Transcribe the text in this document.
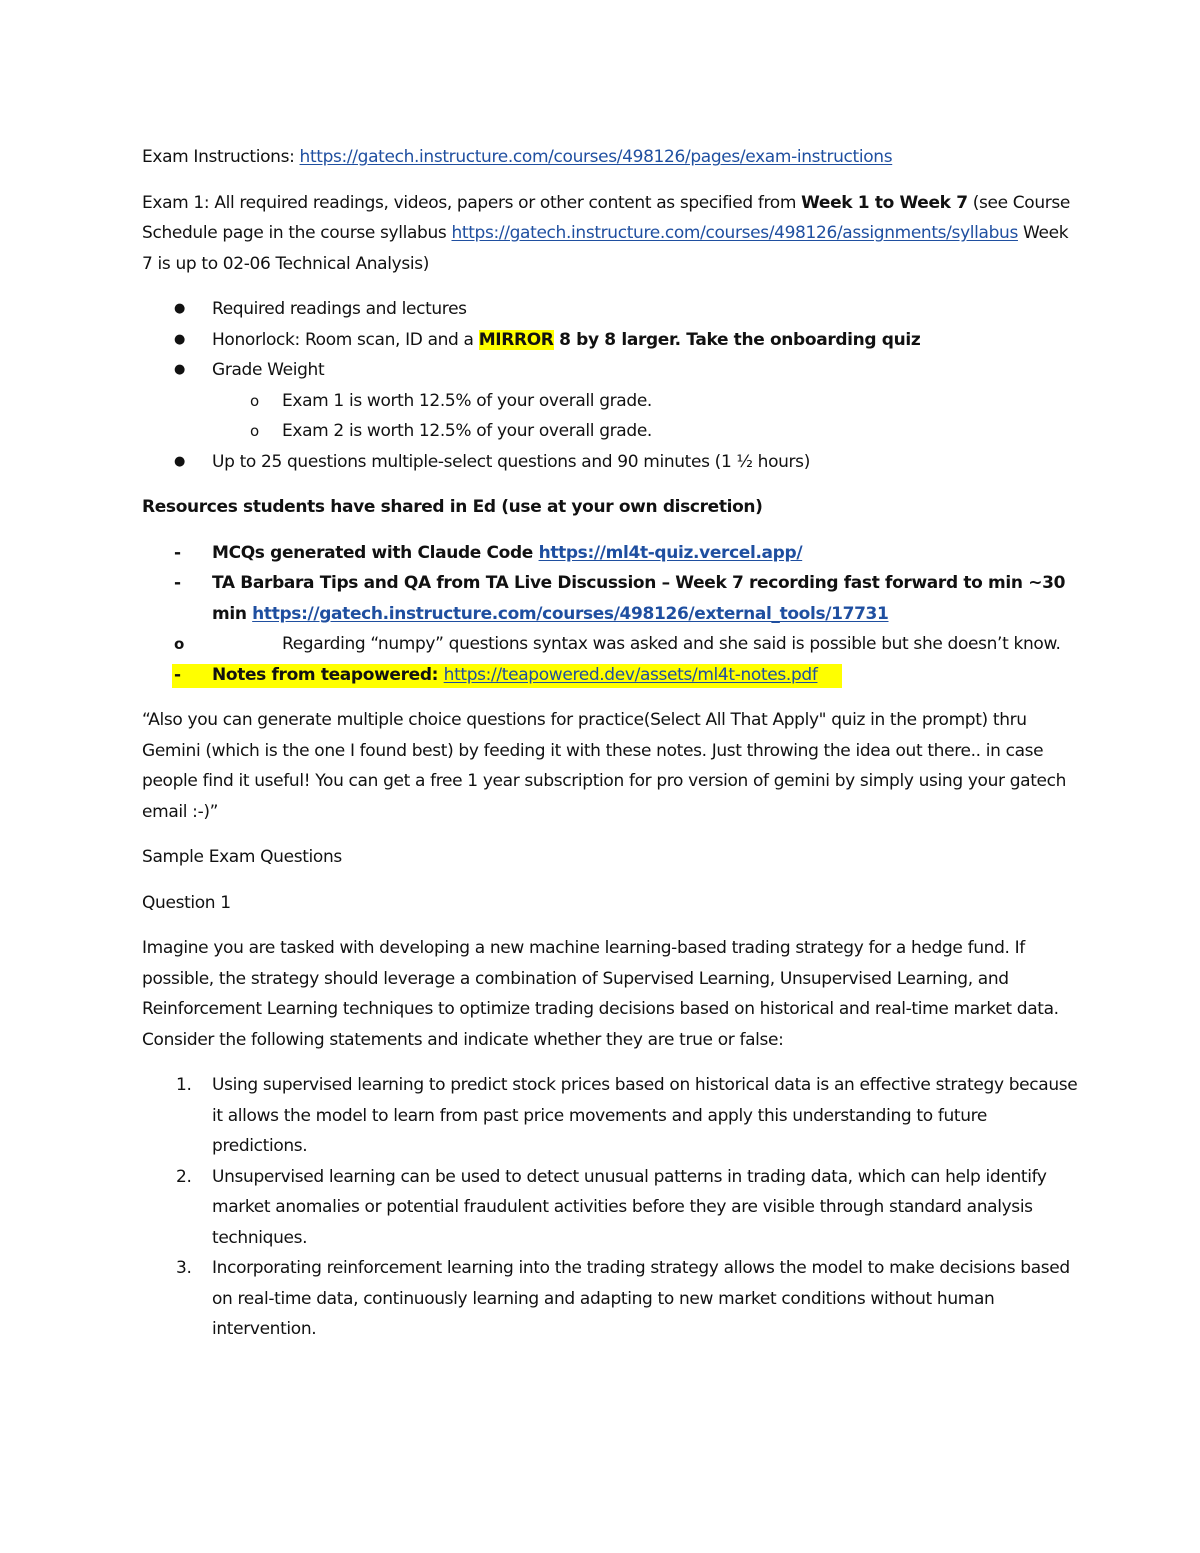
Exam Instructions: https://gatech.instructure.com/courses/498126/pages/exam-instructions

Exam 1: All required readings, videos, papers or other content as specified from Week 1 to Week 7 (see Course Schedule page in the course syllabus https://gatech.instructure.com/courses/498126/assignments/syllabus Week 7 is up to 02-06 Technical Analysis)

● Required readings and lectures
● Honorlock: Room scan, ID and a MIRROR 8 by 8 larger. Take the onboarding quiz
● Grade Weight
o Exam 1 is worth 12.5% of your overall grade.
o Exam 2 is worth 12.5% of your overall grade.
● Up to 25 questions multiple-select questions and 90 minutes (1 ½ hours)

Resources students have shared in Ed (use at your own discretion)

- MCQs generated with Claude Code https://ml4t-quiz.vercel.app/
- TA Barbara Tips and QA from TA Live Discussion – Week 7 recording fast forward to min ~30 min https://gatech.instructure.com/courses/498126/external_tools/17731
o	Regarding “numpy” questions syntax was asked and she said is possible but she doesn’t know.
- Notes from teapowered: https://teapowered.dev/assets/ml4t-notes.pdf

“Also you can generate multiple choice questions for practice(Select All That Apply" quiz in the prompt) thru Gemini (which is the one I found best) by feeding it with these notes. Just throwing the idea out there.. in case people find it useful! You can get a free 1 year subscription for pro version of gemini by simply using your gatech email :-)”

Sample Exam Questions

Question 1

Imagine you are tasked with developing a new machine learning-based trading strategy for a hedge fund. If possible, the strategy should leverage a combination of Supervised Learning, Unsupervised Learning, and Reinforcement Learning techniques to optimize trading decisions based on historical and real-time market data. Consider the following statements and indicate whether they are true or false:

1. Using supervised learning to predict stock prices based on historical data is an effective strategy because it allows the model to learn from past price movements and apply this understanding to future predictions.
2. Unsupervised learning can be used to detect unusual patterns in trading data, which can help identify market anomalies or potential fraudulent activities before they are visible through standard analysis techniques.
3. Incorporating reinforcement learning into the trading strategy allows the model to make decisions based on real-time data, continuously learning and adapting to new market conditions without human intervention.
